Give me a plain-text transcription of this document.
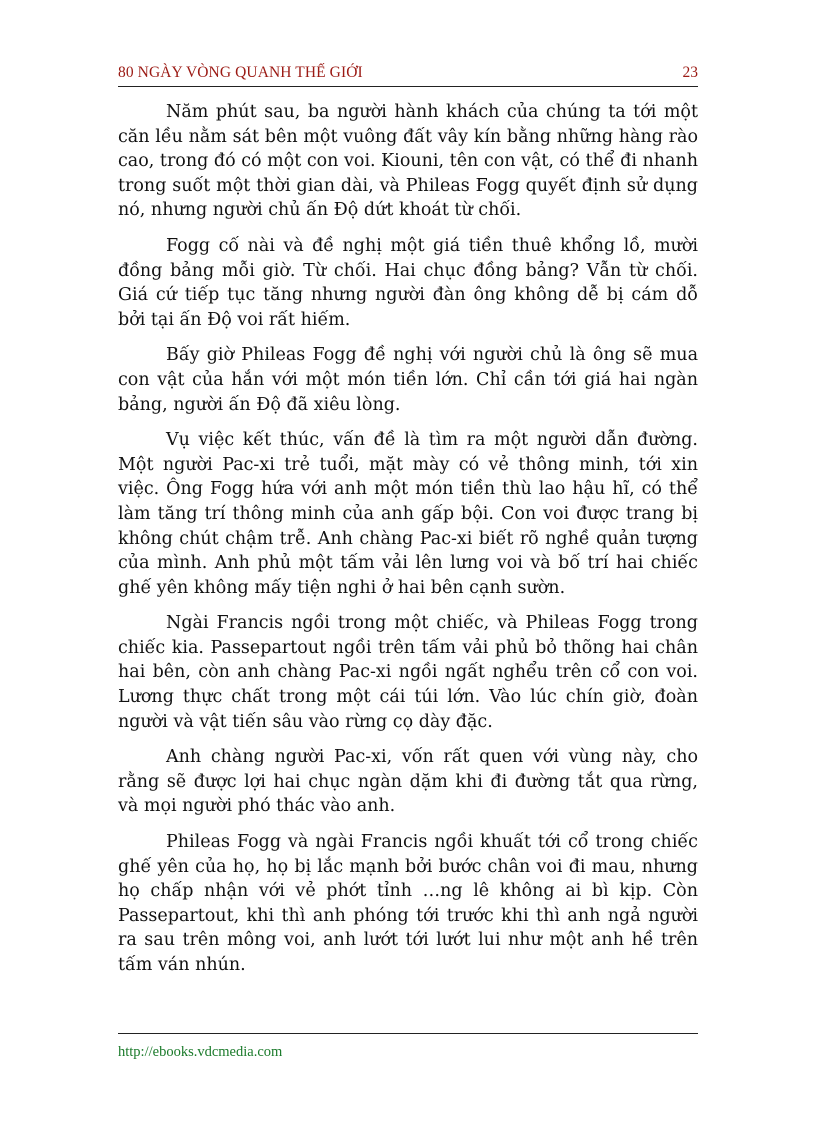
80 NGÀY VÒNG QUANH THẾ GIỚI	23

Năm phút sau, ba người hành khách của chúng ta tới một căn lều nằm sát bên một vuông đất vây kín bằng những hàng rào cao, trong đó có một con voi. Kiouni, tên con vật, có thể đi nhanh trong suốt một thời gian dài, và Phileas Fogg quyết định sử dụng nó, nhưng người chủ ấn Độ dứt khoát từ chối.

Fogg cố nài và đề nghị một giá tiền thuê khổng lồ, mười đồng bảng mỗi giờ. Từ chối. Hai chục đồng bảng? Vẫn từ chối. Giá cứ tiếp tục tăng nhưng người đàn ông không dễ bị cám dỗ bởi tại ấn Độ voi rất hiếm.

Bấy giờ Phileas Fogg đề nghị với người chủ là ông sẽ mua con vật của hắn với một món tiền lớn. Chỉ cần tới giá hai ngàn bảng, người ấn Độ đã xiêu lòng.

Vụ việc kết thúc, vấn đề là tìm ra một người dẫn đường. Một người Pac-xi trẻ tuổi, mặt mày có vẻ thông minh, tới xin việc. Ông Fogg hứa với anh một món tiền thù lao hậu hĩ, có thể làm tăng trí thông minh của anh gấp bội. Con voi được trang bị không chút chậm trễ. Anh chàng Pac-xi biết rõ nghề quản tượng của mình. Anh phủ một tấm vải lên lưng voi và bố trí hai chiếc ghế yên không mấy tiện nghi ở hai bên cạnh sườn.

Ngài Francis ngồi trong một chiếc, và Phileas Fogg trong chiếc kia. Passepartout ngồi trên tấm vải phủ bỏ thõng hai chân hai bên, còn anh chàng Pac-xi ngồi ngất nghểu trên cổ con voi. Lương thực chất trong một cái túi lớn. Vào lúc chín giờ, đoàn người và vật tiến sâu vào rừng cọ dày đặc.

Anh chàng người Pac-xi, vốn rất quen với vùng này, cho rằng sẽ được lợi hai chục ngàn dặm khi đi đường tắt qua rừng, và mọi người phó thác vào anh.

Phileas Fogg và ngài Francis ngồi khuất tới cổ trong chiếc ghế yên của họ, họ bị lắc mạnh bởi bước chân voi đi mau, nhưng họ chấp nhận với vẻ phớt tỉnh …ng lê không ai bì kịp. Còn Passepartout, khi thì anh phóng tới trước khi thì anh ngả người ra sau trên mông voi, anh lướt tới lướt lui như một anh hề trên tấm ván nhún.

http://ebooks.vdcmedia.com
